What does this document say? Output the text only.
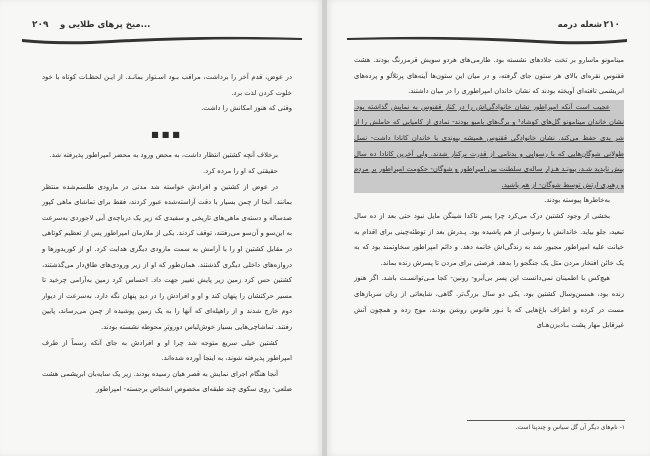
۲۰۹ میخ پرهای طلایی و...

در عوض، قدم آخر را برداشت، مراقب بـود اسـتوار بمانـد. از ایـن لحظـات کوتاه با خود خلوت کردن لذت برد.

وقتی که هنوز امکانش را داشت.

■■■

برخلاف آنچه کشتین انتظار داشت، به محض ورود به محضر امپراطور پذیرفته شد.

حقیقتی که او را مرده کرد.

در عوض از کشتین و افرادش خواسته شد مدتی در مارودی طلسم‌شده منتظر بمانند. آنجا از چمن بسیار با دقت آراسته‌شده عبور کردند، فقط برای تماشای ماهی کپور صدساله و دسته‌ی ماهی‌های تاریخی و سفیدی که زیر یک دریاچه‌ی آبی لاجوردی به‌سرعت به این‌سو و آن‌سو می‌رفتند، توقف کردند. یکی از ملازمان امپراطور پس از تعظیم کوتاهی در مقابل کشتین او را با آرامش به سمت مارودی دیگری هدایت کرد. او از کوریدورها و دروازه‌های داخلی دیگری گذشتند. همان‌طور که او از زیر ورودی‌های طاق‌دار می‌گذشتند، کشتین حس کرد زمین زیر پایش تغییر جهت داد. احساس کرد زمین به‌آرامی چرخید تا مسیر حرکتشان را پنهان کند و او و افرادش را در دیدِ پنهان نگه دارد. به‌سرعت از دیوار دوم خارج شدند و از راهپله‌ای که آنها را به یک زمین پوشیده از چمن می‌رساند، پایین رفتند. تماشاچی‌هایی بسیار خوش‌لباس دوروبَرِ محوطه نشسته بودند.

کشتین خیلی سریع متوجه شد چرا او و افرادش به جای آنکه رسماً از طرف امپراطور پذیرفته شوند، به اینجا آورده شده‌اند.

آنجا هنگام اجرای نمایش به قصر هیان رسیده بودند. زیر یک سایه‌بان ابریشمی هشت ضلعی- روی سکوی چند طبقه‌ای مخصوص اشخاص برجسته- امپراطور

۲۱۰
شعله درمه

مینامونو ماسارو بر تخت جلادهای نشسته بود. طارمی‌های هردو سویش قرمزرنگ بودند. هشت ققنوس نقره‌ای بالای هر ستون جای گرفته، و در میان این ستون‌ها آینه‌های پرتلألو و پرده‌های ابریشمی تافته‌ای آویخته بودند که نشان خاندان امپراطوری را در میان داشتند.

عجیب است آنکه امپراطور نشان خانوادگی‌اش را در کنار ققنوس به نمایش گذاشته بود. نشان خاندان مینامونو گل‌های کوشاد¹ و برگ‌های بامبو بودند- نمادی از کامیابی که حاملش را از شر بدی حفظ می‌کند. نشان خانوادگی ققنوس همیشه پیوندی با خاندان کانادا داشت- نسل طولانی شوگان‌هایی که با رسوایی و بدنامی از قدرت برکنار شدند. ولی آخرین کانادا ده سال پیش ناپدید شـد، پیونـد هـزار ساله‌ی سلطنت بین امپراطور و شوگان- حکومت امپراطور بر مردم و رهبری ارتش توسط شوگان- از هم پاشید.

به‌خاطرها پیوسته بودند.

بخشی از وجود کشتین درک می‌کرد چرا پسر تاکدا شینگن مایل نبود حتی بعد از ده سال تبعید، جلو بیاید. خاندانش با رسوایی از هم پاشیده بود. پـدرش بعد از توطئه‌چینی برای اقدام به خیانت علیه امپراطور مجبور شد به زندگی‌اش خاتمه دهد. و دائم امپراطور سخاوتمند بود که به یک خائن افتخار مردن مثل یک جنگجو را بدهد. فرصتی برای مردن تا پسرش زنده بماند.

هیچ‌کس با اطمینان نمی‌دانست این پسر بی‌آبرو- رونین- کجا مـی‌توانسـت باشد. اگر هنوز زنده بود، همسن‌وسال کشتین بود. یکی دو سال بزرگ‌تر. گاهی، شایعاتی از زبان سربازهای مست در کرده و اطراف باغ‌هایی که با نـور فانوس روشن بودند، موج زده و همچون آتش غیرقابل مهار پشت بـادبزن‌هـای

۱- نام‌های دیگر آن گل سیاس و چندپنا است.
